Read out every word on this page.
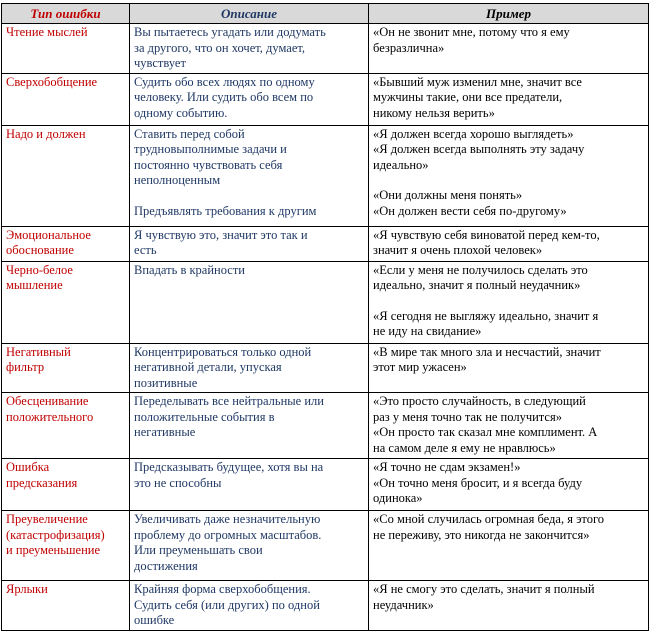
Тип ошибки	Описание	Пример

Чтение мыслей	Вы пытаетесь угадать или додумать
за другого, что он хочет, думает,
чувствует	«Он не звонит мне, потому что я ему
безразлична»

Сверхобобщение	Судить обо всех людях по одному
человеку. Или судить обо всем по
одному событию.	«Бывший муж изменил мне, значит все
мужчины такие, они все предатели,
никому нельзя верить»

Надо и должен	Ставить перед собой
трудновыполнимые задачи и
постоянно чувствовать себя
неполноценным
Предъявлять требования к другим	«Я должен всегда хорошо выглядеть»
«Я должен всегда выполнять эту задачу
идеально»
«Они должны меня понять»
«Он должен вести себя по-другому»

Эмоциональное
обоснование	Я чувствую это, значит это так и
есть	«Я чувствую себя виноватой перед кем-то,
значит я очень плохой человек»

Черно-белое
мышление	Впадать в крайности	«Если у меня не получилось сделать это
идеально, значит я полный неудачник»
«Я сегодня не выгляжу идеально, значит я
не иду на свидание»

Негативный
фильтр	Концентрироваться только одной
негативной детали, упуская
позитивные	«В мире так много зла и несчастий, значит
этот мир ужасен»

Обесценивание
положительного	Переделывать все нейтральные или
положительные события в
негативные	«Это просто случайность, в следующий
раз у меня точно так не получится»
«Он просто так сказал мне комплимент. А
на самом деле я ему не нравлюсь»

Ошибка
предсказания	Предсказывать будущее, хотя вы на
это не способны	«Я точно не сдам экзамен!»
«Он точно меня бросит, и я всегда буду
одинока»

Преувеличение
(катастрофизация)
и преуменьшение	Увеличивать даже незначительную
проблему до огромных масштабов.
Или преуменьшать свои
достижения	«Со мной случилась огромная беда, я этого
не переживу, это никогда не закончится»

Ярлыки	Крайняя форма сверхобобщения.
Судить себя (или других) по одной
ошибке	«Я не смогу это сделать, значит я полный
неудачник»
